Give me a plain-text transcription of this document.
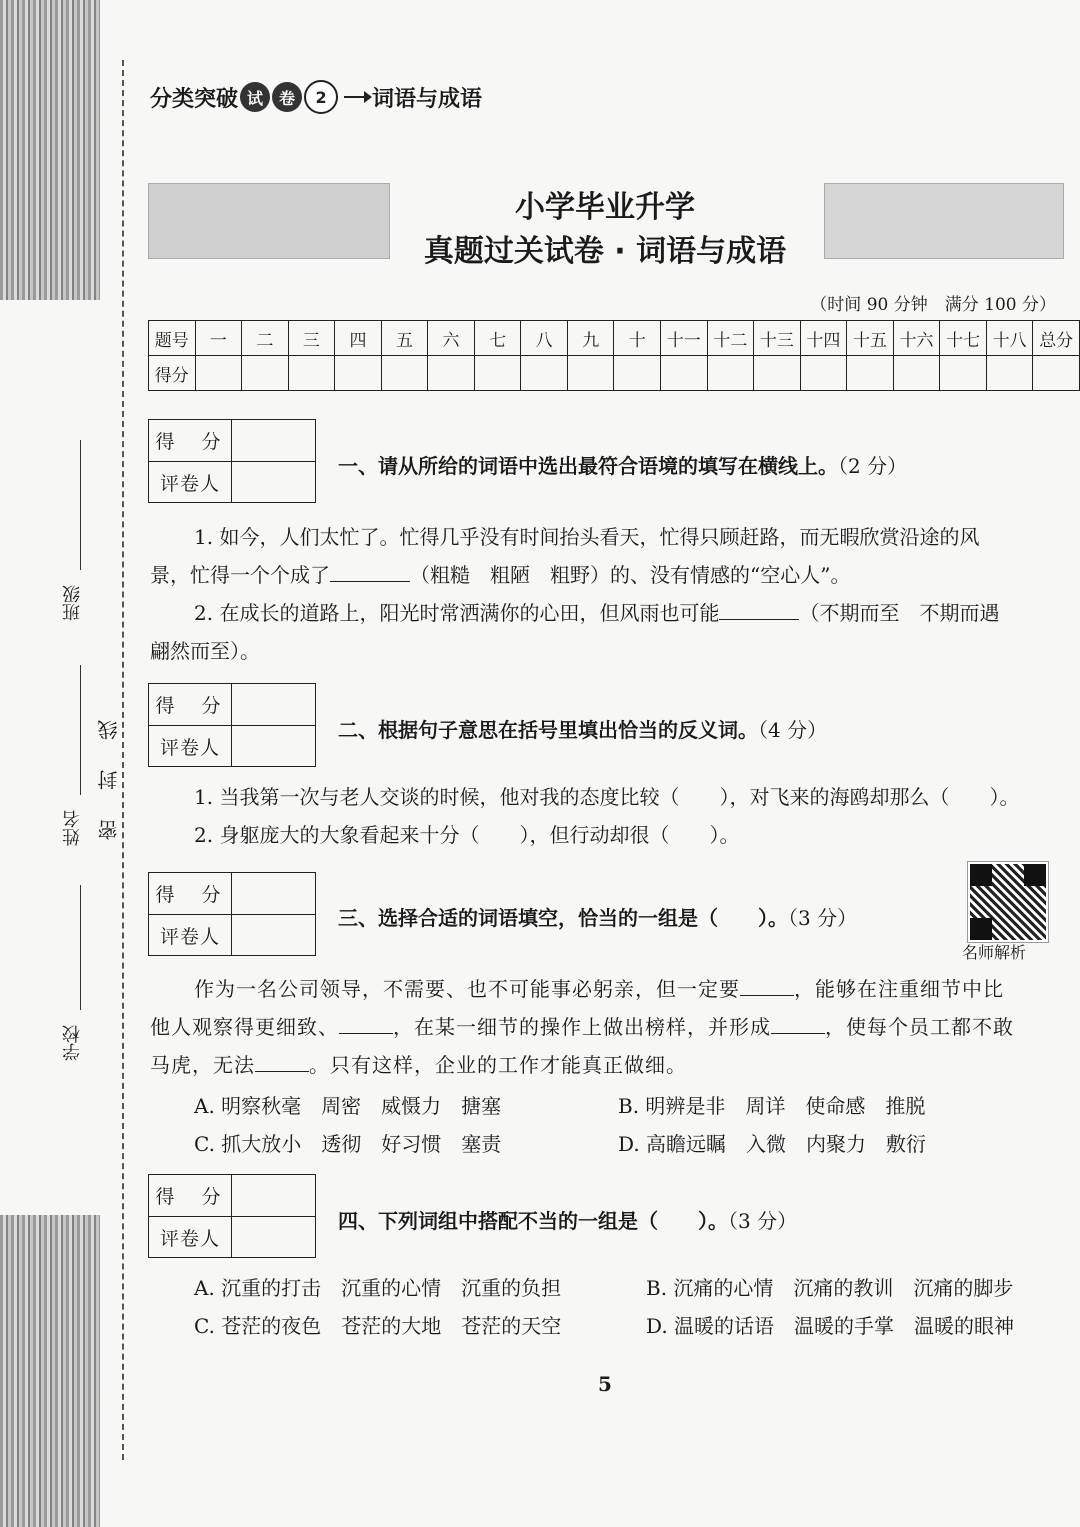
班级
姓名
学校
密封线
分类突破 试 卷	2	词语与成语
小学毕业升学
真题过关试卷 · 词语与成语
（时间 90 分钟　满分 100 分）
题号	一	二	三	四	五	六	七	八	九	十	十一	十二	十三	十四	十五	十六	十七	十八	总分
得分																			
得　分
评卷人
一、请从所给的词语中选出最符合语境的填写在横线上。（2 分）
1. 如今，人们太忙了。忙得几乎没有时间抬头看天，忙得只顾赶路，而无暇欣赏沿途的风
景，忙得一个个成了	（粗糙　粗陋　粗野）的、没有情感的“空心人”。
2. 在成长的道路上，阳光时常洒满你的心田，但风雨也可能	（不期而至　不期而遇
翩然而至）。
得　分
评卷人
二、根据句子意思在括号里填出恰当的反义词。（4 分）
1. 当我第一次与老人交谈的时候，他对我的态度比较（　　），对飞来的海鸥却那么（　　）。
2. 身躯庞大的大象看起来十分（　　），但行动却很（　　）。
得　分
评卷人
三、选择合适的词语填空，恰当的一组是（　　）。（3 分）
名师解析
作为一名公司领导，不需要、也不可能事必躬亲，但一定要	，能够在注重细节中比
他人观察得更细致、	，在某一细节的操作上做出榜样，并形成	，使每个员工都不敢
马虎，无法	。只有这样，企业的工作才能真正做细。
A. 明察秋毫　周密　威慑力　搪塞	B. 明辨是非　周详　使命感　推脱
C. 抓大放小　透彻　好习惯　塞责	D. 高瞻远瞩　入微　内聚力　敷衍
得　分
评卷人
四、下列词组中搭配不当的一组是（　　）。（3 分）
A. 沉重的打击　沉重的心情　沉重的负担	B. 沉痛的心情　沉痛的教训　沉痛的脚步
C. 苍茫的夜色　苍茫的大地　苍茫的天空	D. 温暖的话语　温暖的手掌　温暖的眼神
5
